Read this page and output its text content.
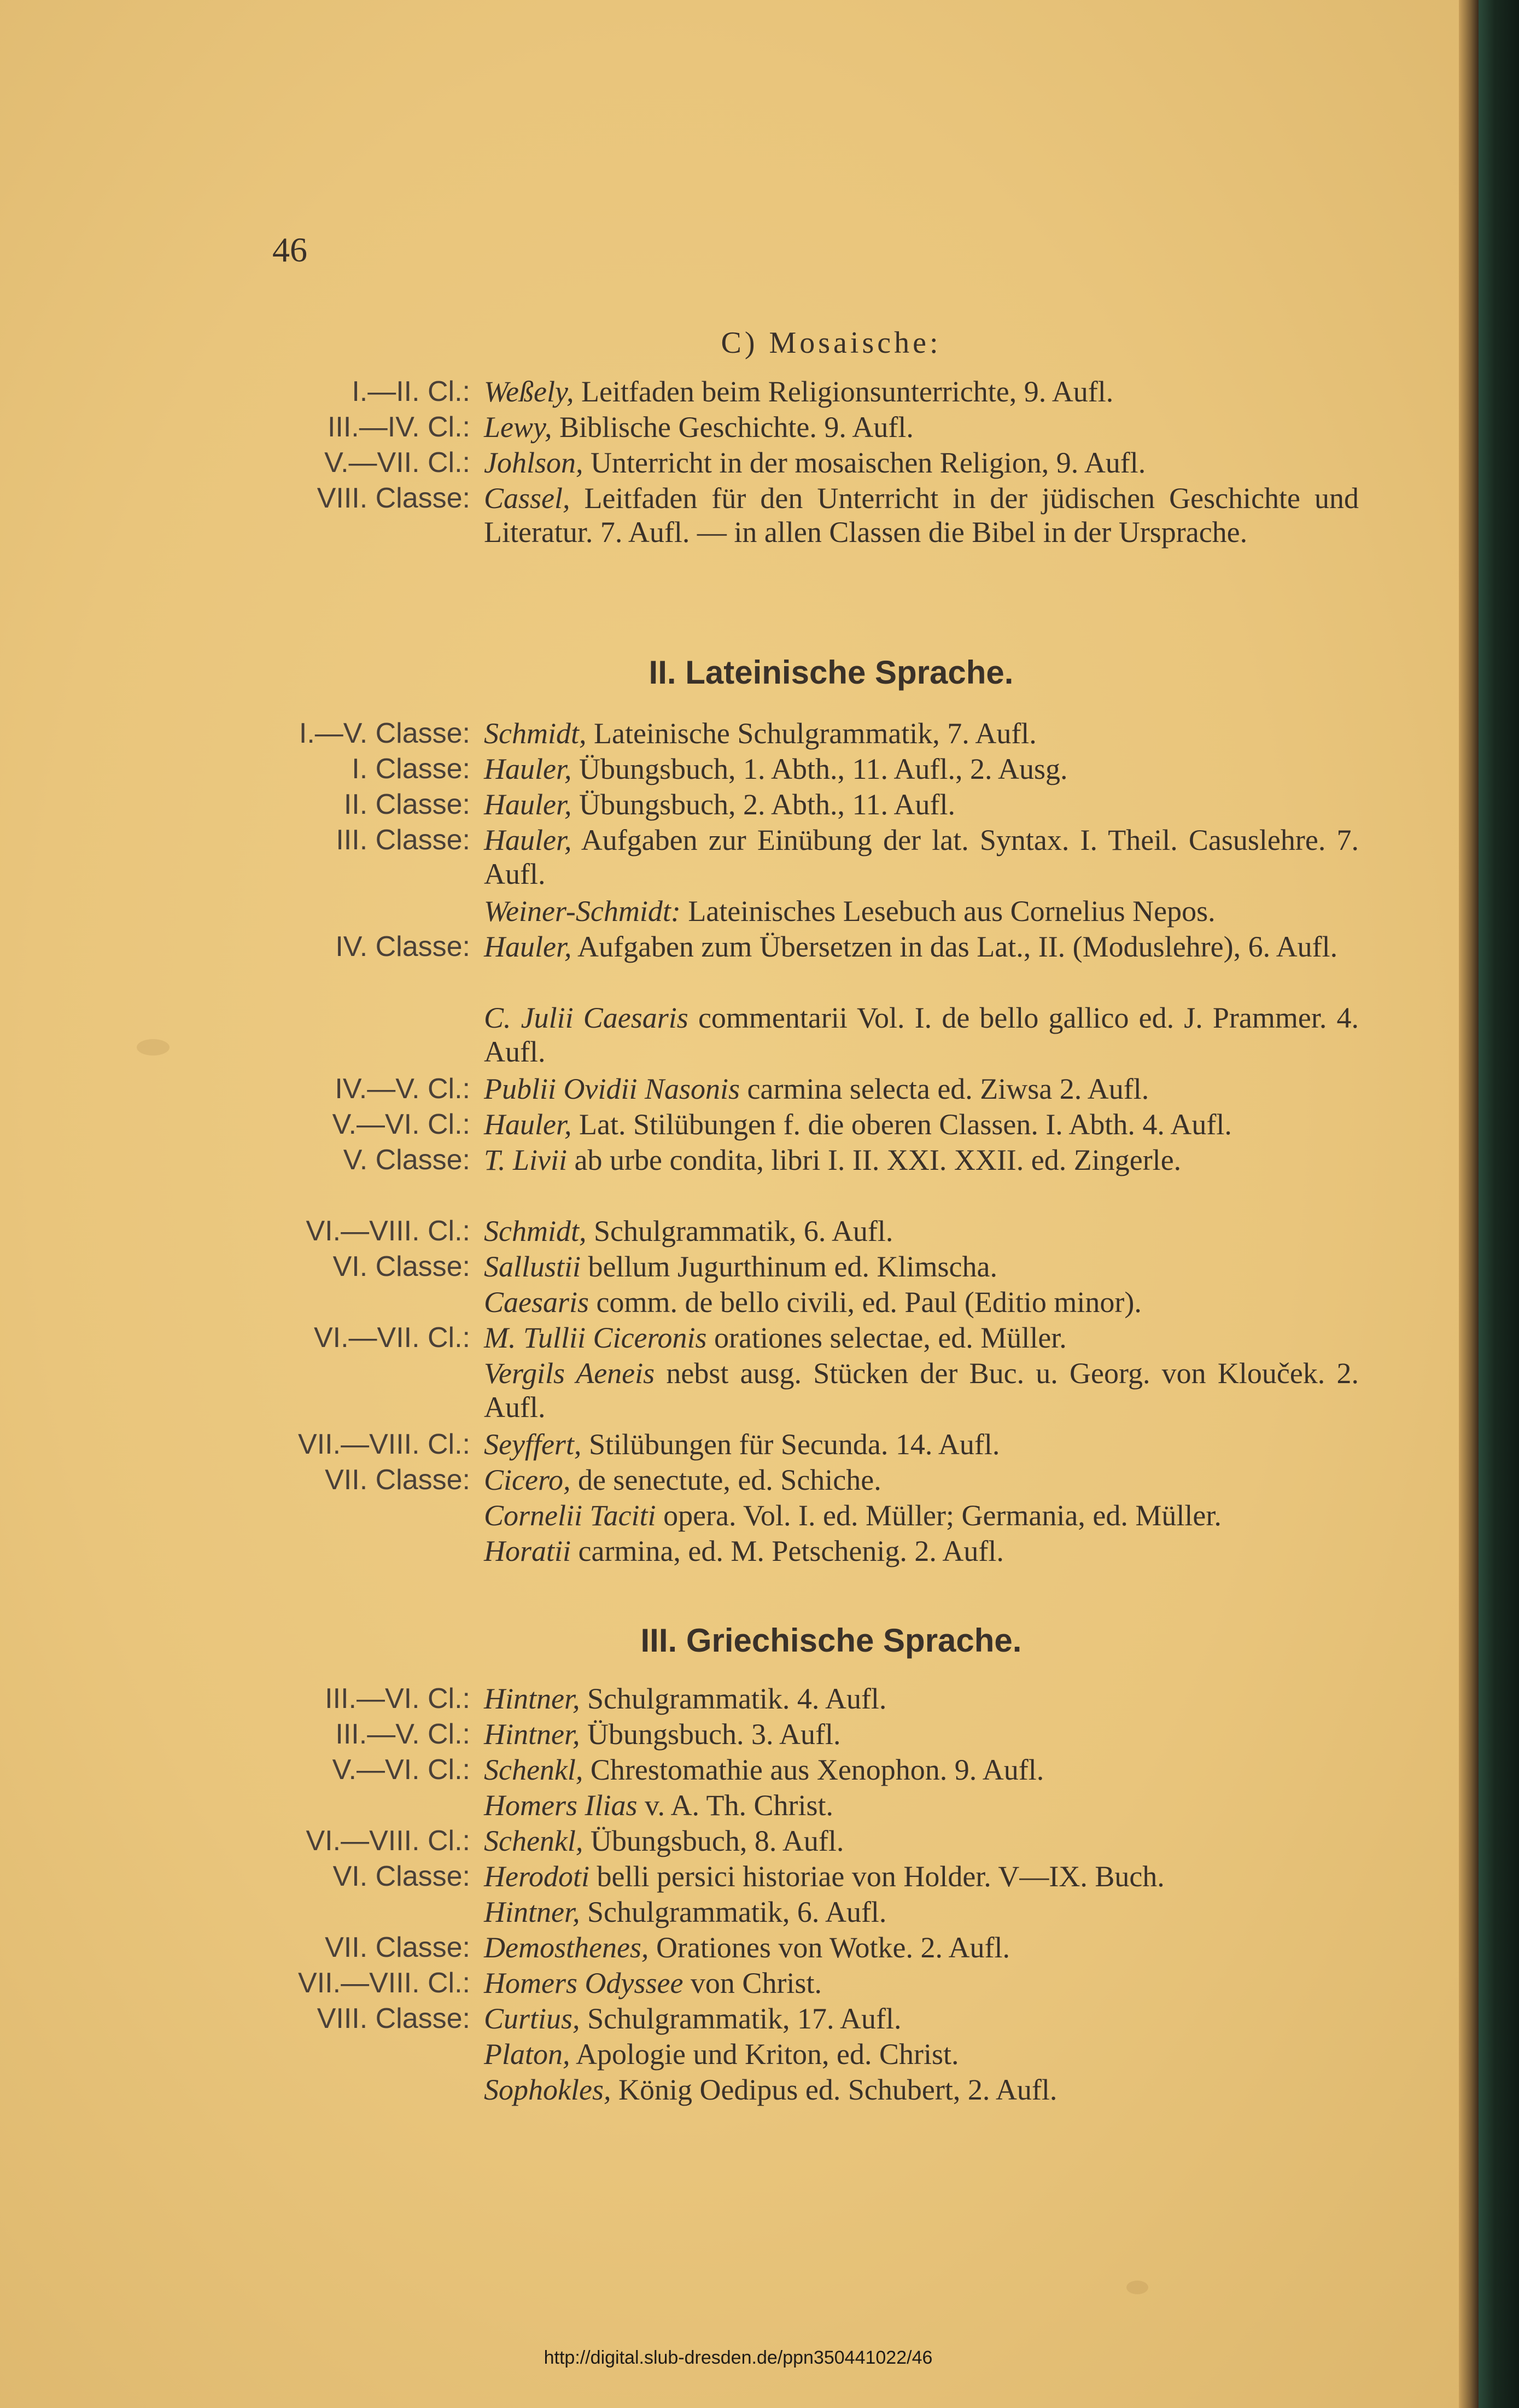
46
C) Mosaische:
I.—II. Cl.: Weßely, Leitfaden beim Religionsunterrichte, 9. Aufl.
III.—IV. Cl.: Lewy, Biblische Geschichte. 9. Aufl.
V.—VII. Cl.: Johlson, Unterricht in der mosaischen Religion, 9. Aufl.
VIII. Classe: Cassel, Leitfaden für den Unterricht in der jüdischen Geschichte und Literatur. 7. Aufl. — in allen Classen die Bibel in der Ursprache.
II. Lateinische Sprache.
I.—V. Classe: Schmidt, Lateinische Schulgrammatik, 7. Aufl.
I. Classe: Hauler, Übungsbuch, 1. Abth., 11. Aufl., 2. Ausg.
II. Classe: Hauler, Übungsbuch, 2. Abth., 11. Aufl.
III. Classe: Hauler, Aufgaben zur Einübung der lat. Syntax. I. Theil. Casuslehre. 7. Aufl.
Weiner-Schmidt: Lateinisches Lesebuch aus Cornelius Nepos.
IV. Classe: Hauler, Aufgaben zum Übersetzen in das Lat., II. (Moduslehre), 6. Aufl.
C. Julii Caesaris commentarii Vol. I. de bello gallico ed. J. Prammer. 4. Aufl.
IV.—V. Cl.: Publii Ovidii Nasonis carmina selecta ed. Ziwsa 2. Aufl.
V.—VI. Cl.: Hauler, Lat. Stilübungen f. die oberen Classen. I. Abth. 4. Aufl.
V. Classe: T. Livii ab urbe condita, libri I. II. XXI. XXII. ed. Zingerle.
VI.—VIII. Cl.: Schmidt, Schulgrammatik, 6. Aufl.
VI. Classe: Sallustii bellum Jugurthinum ed. Klimscha.
Caesaris comm. de bello civili, ed. Paul (Editio minor).
VI.—VII. Cl.: M. Tullii Ciceronis orationes selectae, ed. Müller.
Vergils Aeneis nebst ausg. Stücken der Buc. u. Georg. von Klouček. 2. Aufl.
VII.—VIII. Cl.: Seyffert, Stilübungen für Secunda. 14. Aufl.
VII. Classe: Cicero, de senectute, ed. Schiche.
Cornelii Taciti opera. Vol. I. ed. Müller; Germania, ed. Müller.
Horatii carmina, ed. M. Petschenig. 2. Aufl.
III. Griechische Sprache.
III.—VI. Cl.: Hintner, Schulgrammatik. 4. Aufl.
III.—V. Cl.: Hintner, Übungsbuch. 3. Aufl.
V.—VI. Cl.: Schenkl, Chrestomathie aus Xenophon. 9. Aufl.
Homers Ilias v. A. Th. Christ.
VI.—VIII. Cl.: Schenkl, Übungsbuch, 8. Aufl.
VI. Classe: Herodoti belli persici historiae von Holder. V—IX. Buch.
Hintner, Schulgrammatik, 6. Aufl.
VII. Classe: Demosthenes, Orationes von Wotke. 2. Aufl.
VII.—VIII. Cl.: Homers Odyssee von Christ.
VIII. Classe: Curtius, Schulgrammatik, 17. Aufl.
Platon, Apologie und Kriton, ed. Christ.
Sophokles, König Oedipus ed. Schubert, 2. Aufl.
http://digital.slub-dresden.de/ppn350441022/46
